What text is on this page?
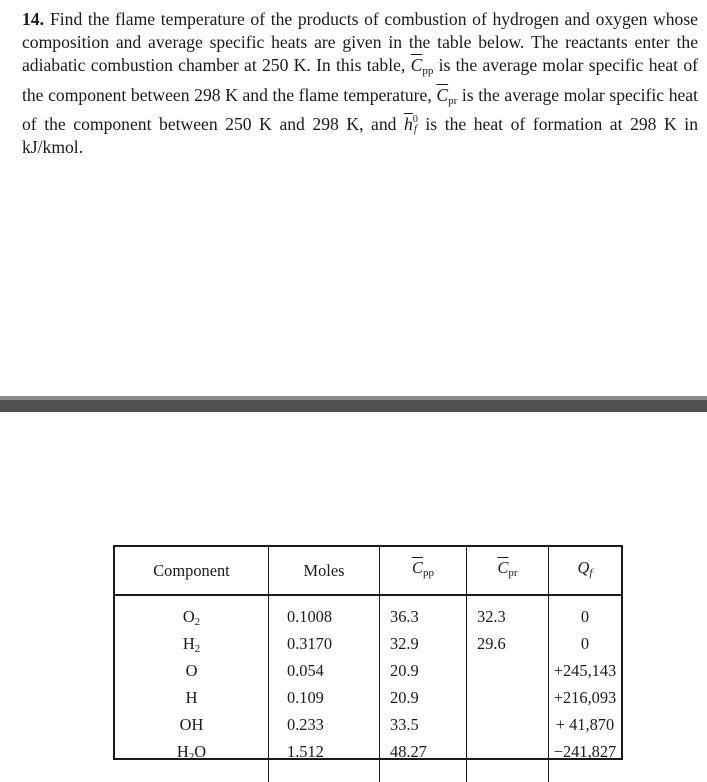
14. Find the flame temperature of the products of combustion of hydrogen and oxygen whose composition and average specific heats are given in the table below. The reactants enter the adiabatic combustion chamber at 250 K. In this table, $\overline{C}_{pp}$ is the average molar specific heat of the component between 298 K and the flame temperature, $\overline{C}_{pr}$ is the average molar specific heat of the component between 250 K and 298 K, and $\overline{h}$ 0
f is the heat of formation at 298 K in kJ/kmol.

Component	Moles	$\overline{C}_{pp}$	$\overline{C}_{pr}$	$Q_f$
$O_2$	0.1008	36.3	32.3	0
$H_2$	0.3170	32.9	29.6	0
O	0.054	20.9		+245,143
H	0.109	20.9		+216,093
OH	0.233	33.5		+ 41,870
$H_2O$	1.512	48.27		−241,827
